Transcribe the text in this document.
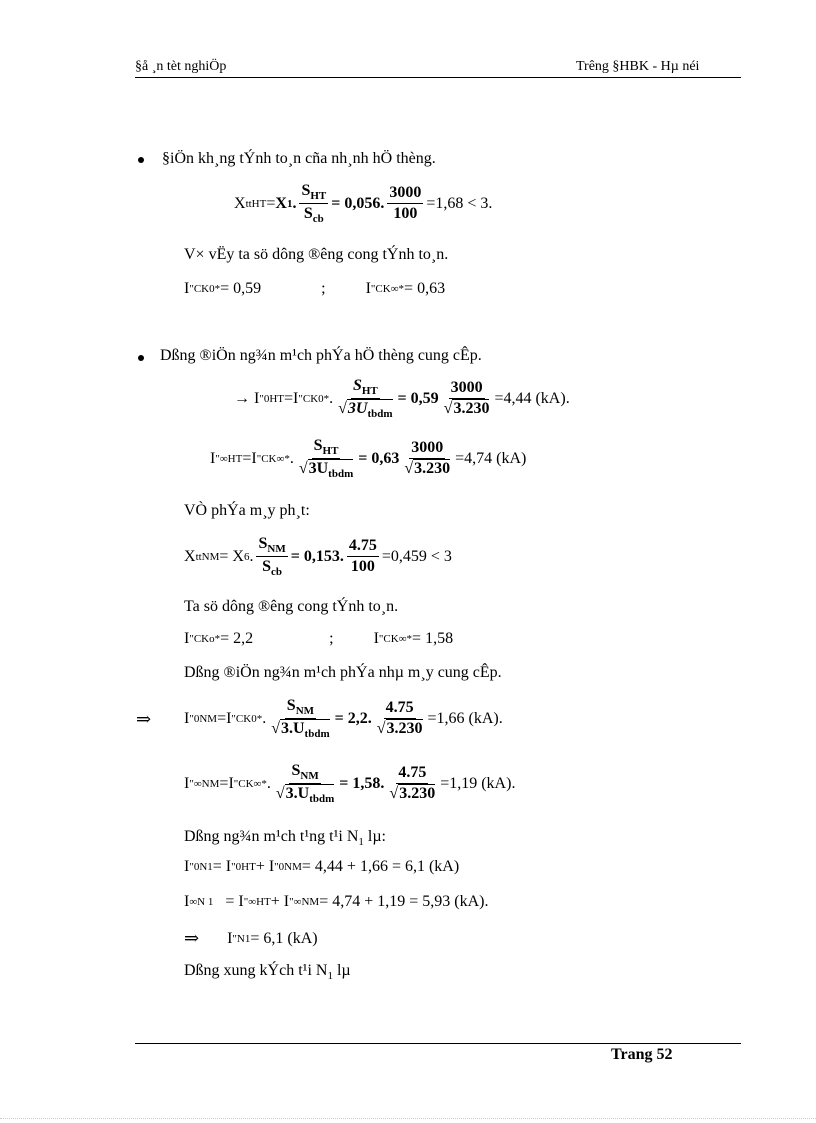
§å ¸n tèt nghiÖp	Trêng §HBK - Hµ néi
§iÖn kh¸ng tÝnh to¸n cña nh¸nh hÖ thèng.
X ttHT = X 1 . $\frac{S_{HT}}{S_{cb}} = 0,056$. $\frac{3000}{100} =1,68 < 3$.
V× vËy ta sö dông ®êng cong tÝnh to¸n.
I " CK0* = 0,59	;	I " CK∞* = 0,63
Dßng ®iÖn ng¾n m¹ch phÝa hÖ thèng cung cÊp.
→
I " 0HT = I " CK0* . $\frac{S_{HT}}{√3U_{tbdm}} = 0,59 \frac{3000}{√3.230} =4,44$ (kA).
I " ∞HT = I " CK∞* . $\frac{S_{HT}}{√3U_{tbdm}} = 0,63 \frac{3000}{√3.230} =4,74$ (kA)
VÒ phÝa m¸y ph¸t:
X ttNM = X 6 . $\frac{S_{NM}}{S_{cb}} = 0,153$. $\frac{4.75}{100} =0,459 < 3$
Ta sö dông ®êng cong tÝnh to¸n.
I " CKo* = 2,2	;	I " CK∞* = 1,58
Dßng ®iÖn ng¾n m¹ch phÝa nhµ m¸y cung cÊp.
⇒ I " 0NM = I " CK0* . $\frac{S_{NM}}{√3.U_{tbdm}} = 2,2$. $\frac{4.75}{√3.230} =1,66$ (kA).
I " ∞NM = I " CK∞* . $\frac{S_{NM}}{√3.U_{tbdm}} = 1,58$. $\frac{4.75}{√3.230} =1,19$ (kA).
Dßng ng¾n m¹ch t¹ng t¹i $N_1$ lµ:
I " 0N1 = I " 0HT + I " 0NM = 4,44 + 1,66 = 6,1 (kA)
I ∞N 1 = I " ∞HT + I " ∞NM = 4,74 + 1,19 = 5,93 (kA).
⇒ I " N1 = 6,1 (kA)
Dßng xung kÝch t¹i $N_1$ lµ
Trang 52
